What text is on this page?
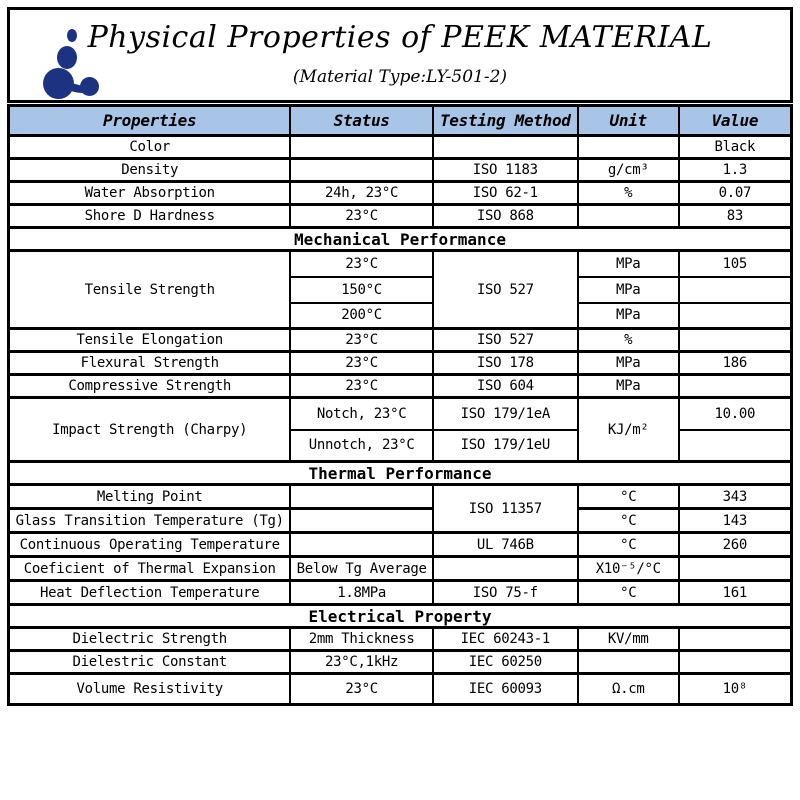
Physical Properties of PEEK MATERIAL
(Material Type:LY-501-2)
Properties	Status	Testing Method	Unit	Value
Color				Black
Density		ISO 1183	g/cm³	1.3
Water Absorption	24h, 23°C	ISO 62-1	%	0.07
Shore D Hardness	23°C	ISO 868		83
Mechanical Performance				
Tensile Strength	23°C	ISO 527	MPa	105
	150°C		MPa	
	200°C		MPa	
Tensile Elongation	23°C	ISO 527	%	
Flexural Strength	23°C	ISO 178	MPa	186
Compressive Strength	23°C	ISO 604	MPa	
Impact Strength (Charpy)	Notch, 23°C	ISO 179/1eA	KJ/m²	10.00
	Unnotch, 23°C	ISO 179/1eU		
Thermal Performance				
Melting Point		ISO 11357	°C	343
Glass Transition Temperature (Tg)			°C	143
Continuous Operating Temperature		UL 746B	°C	260
Coeficient of Thermal Expansion	Below Tg Average		X10⁻⁵/°C	
Heat Deflection Temperature	1.8MPa	ISO 75-f	°C	161
Electrical Property				
Dielectric Strength	2mm Thickness	IEC 60243-1	KV/mm	
Dielestric Constant	23°C,1kHz	IEC 60250		
Volume Resistivity	23°C	IEC 60093	Ω.cm	10⁸
